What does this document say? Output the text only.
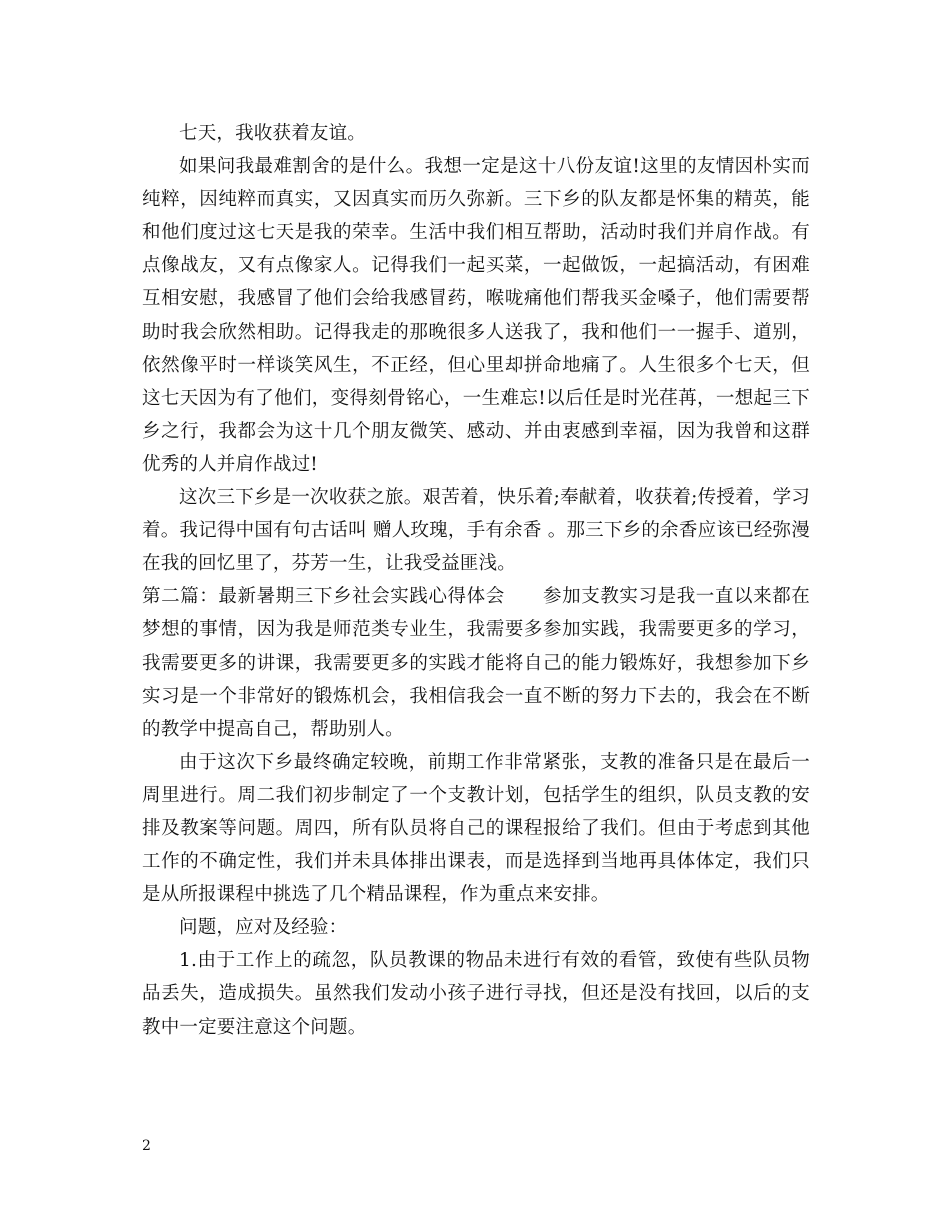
七天，我收获着友谊。

如果问我最难割舍的是什么。我想一定是这十八份友谊!这里的友情因朴实而纯粹，因纯粹而真实，又因真实而历久弥新。三下乡的队友都是怀集的精英，能和他们度过这七天是我的荣幸。生活中我们相互帮助，活动时我们并肩作战。有点像战友，又有点像家人。记得我们一起买菜，一起做饭，一起搞活动，有困难互相安慰，我感冒了他们会给我感冒药，喉咙痛他们帮我买金嗓子，他们需要帮助时我会欣然相助。记得我走的那晚很多人送我了，我和他们一一握手、道别，依然像平时一样谈笑风生，不正经，但心里却拼命地痛了。人生很多个七天，但这七天因为有了他们，变得刻骨铭心，一生难忘!以后任是时光荏苒，一想起三下乡之行，我都会为这十几个朋友微笑、感动、并由衷感到幸福，因为我曾和这群优秀的人并肩作战过!

这次三下乡是一次收获之旅。艰苦着，快乐着;奉献着，收获着;传授着，学习着。我记得中国有句古话叫 赠人玫瑰，手有余香 。那三下乡的余香应该已经弥漫在我的回忆里了，芬芳一生，让我受益匪浅。

第二篇：最新暑期三下乡社会实践心得体会　　参加支教实习是我一直以来都在梦想的事情，因为我是师范类专业生，我需要多参加实践，我需要更多的学习，我需要更多的讲课，我需要更多的实践才能将自己的能力锻炼好，我想参加下乡实习是一个非常好的锻炼机会，我相信我会一直不断的努力下去的，我会在不断的教学中提高自己，帮助别人。

由于这次下乡最终确定较晚，前期工作非常紧张，支教的准备只是在最后一周里进行。周二我们初步制定了一个支教计划，包括学生的组织，队员支教的安排及教案等问题。周四，所有队员将自己的课程报给了我们。但由于考虑到其他工作的不确定性，我们并未具体排出课表，而是选择到当地再具体体定，我们只是从所报课程中挑选了几个精品课程，作为重点来安排。

问题，应对及经验：

1.由于工作上的疏忽，队员教课的物品未进行有效的看管，致使有些队员物品丢失，造成损失。虽然我们发动小孩子进行寻找，但还是没有找回，以后的支教中一定要注意这个问题。

2
